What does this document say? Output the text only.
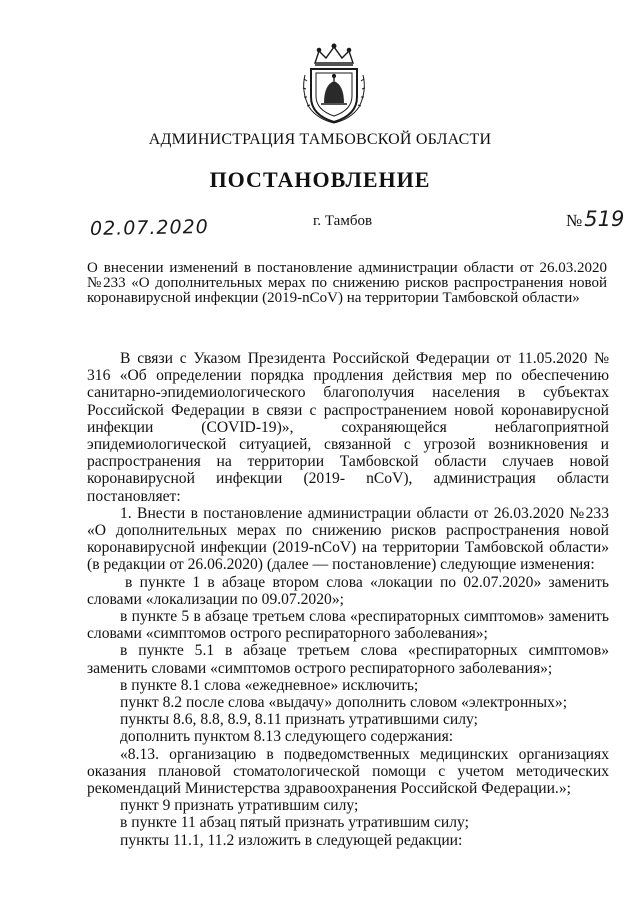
АДМИНИСТРАЦИЯ ТАМБОВСКОЙ ОБЛАСТИ
ПОСТАНОВЛЕНИЕ
02.07.2020	г. Тамбов	№519
О внесении изменений в постановление администрации области от 26.03.2020 №233 «О дополнительных мерах по снижению рисков распространения новой коронавирусной инфекции (2019-nCoV) на территории Тамбовской области»

В связи с Указом Президента Российской Федерации от 11.05.2020 № 316 «Об определении порядка продления действия мер по обеспечению санитарно-эпидемиологического благополучия населения в субъектах Российской Федерации в связи с распространением новой коронавирусной инфекции (COVID-19)», сохраняющейся неблагоприятной эпидемиологической ситуацией, связанной с угрозой возникновения и распространения на территории Тамбовской области случаев новой коронавирусной инфекции (2019- nCoV), администрация области постановляет:

1. Внести в постановление администрации области от 26.03.2020 №233 «О дополнительных мерах по снижению рисков распространения новой коронавирусной инфекции (2019-nCoV) на территории Тамбовской области» (в редакции от 26.06.2020) (далее — постановление) следующие изменения:

в пункте 1 в абзаце втором слова «локации по 02.07.2020» заменить словами «локализации по 09.07.2020»;

в пункте 5 в абзаце третьем слова «респираторных симптомов» заменить словами «симптомов острого респираторного заболевания»;

в пункте 5.1 в абзаце третьем слова «респираторных симптомов» заменить словами «симптомов острого респираторного заболевания»;

в пункте 8.1 слова «ежедневное» исключить;

пункт 8.2 после слова «выдачу» дополнить словом «электронных»;

пункты 8.6, 8.8, 8.9, 8.11 признать утратившими силу;

дополнить пунктом 8.13 следующего содержания:

«8.13. организацию в подведомственных медицинских организациях оказания плановой стоматологической помощи с учетом методических рекомендаций Министерства здравоохранения Российской Федерации.»;

пункт 9 признать утратившим силу;

в пункте 11 абзац пятый признать утратившим силу;

пункты 11.1, 11.2 изложить в следующей редакции:
